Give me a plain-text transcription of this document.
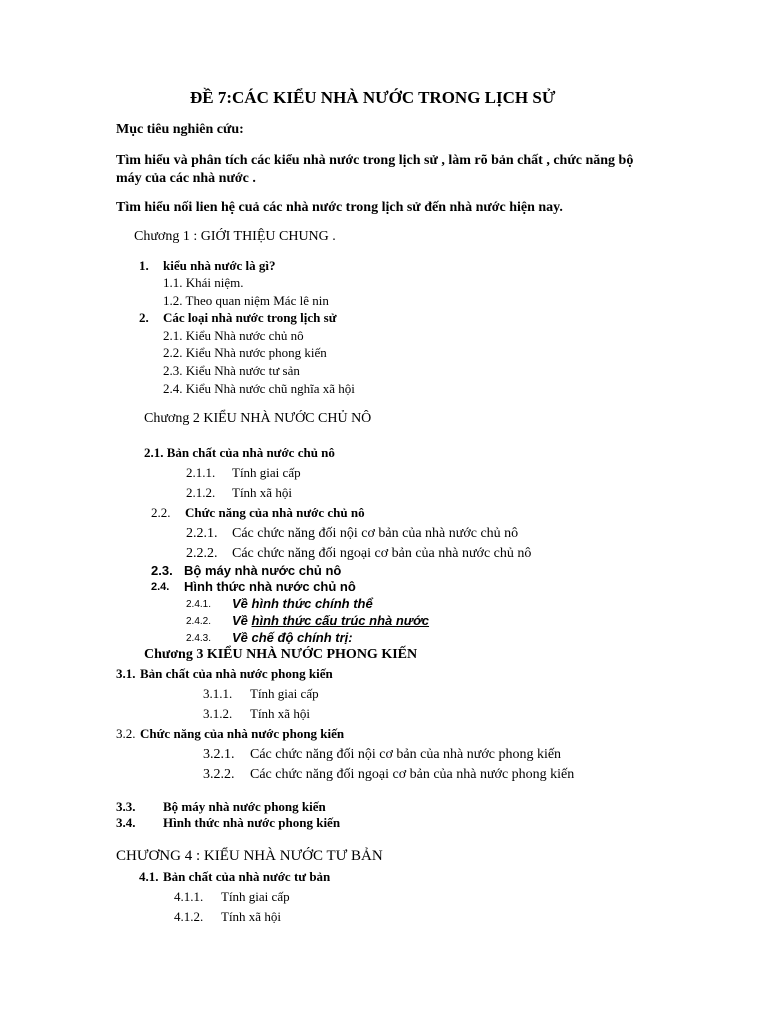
ĐỀ 7:CÁC KIỂU NHÀ NƯỚC TRONG LỊCH SỬ
Mục tiêu nghiên cứu:
Tìm hiểu và phân tích các kiểu nhà nước trong lịch sử , làm rõ bản chất , chức năng bộ
máy của các nhà nước .
Tìm hiểu nối lien hệ cuả các nhà nước trong lịch sử đến nhà nước hiện nay.
Chương 1 : GIỚI THIỆU CHUNG .
1. kiểu nhà nước là gì?
1.1. Khái niệm.
1.2. Theo quan niệm Mác lê nin
2. Các loại nhà nước trong lịch sử
2.1. Kiểu Nhà nước chủ nô
2.2. Kiểu Nhà nước phong kiến
2.3. Kiểu Nhà nước tư sản
2.4. Kiểu Nhà nước chũ nghĩa xã hội
Chương 2 KIỂU NHÀ NƯỚC CHỦ NÔ
2.1. Bản chất của nhà nước chủ nô
2.1.1. Tính giai cấp
2.1.2. Tính xã hội
2.2. Chức năng của nhà nước chủ nô
2.2.1. Các chức năng đối nội cơ bản của nhà nước chủ nô
2.2.2. Các chức năng đối ngoại cơ bản của nhà nước chủ nô
2.3. Bộ máy nhà nước chủ nô
2.4. Hình thức nhà nước chủ nô
2.4.1. Về hình thức chính thể
2.4.2. Về hình thức cấu trúc nhà nước
2.4.3. Về chế độ chính trị:
Chương 3 KIỂU NHÀ NƯỚC PHONG KIẾN
3.1. Bản chất của nhà nước phong kiến
3.1.1. Tính giai cấp
3.1.2. Tính xã hội
3.2. Chức năng của nhà nước phong kiến
3.2.1. Các chức năng đối nội cơ bản của nhà nước phong kiến
3.2.2. Các chức năng đối ngoại cơ bản của nhà nước phong kiến
3.3. Bộ máy nhà nước phong kiến
3.4. Hình thức nhà nước phong kiến
CHƯƠNG 4 : KIỂU NHÀ NƯỚC TƯ BẢN
4.1. Bản chất của nhà nước tư bản
4.1.1. Tính giai cấp
4.1.2. Tính xã hội
